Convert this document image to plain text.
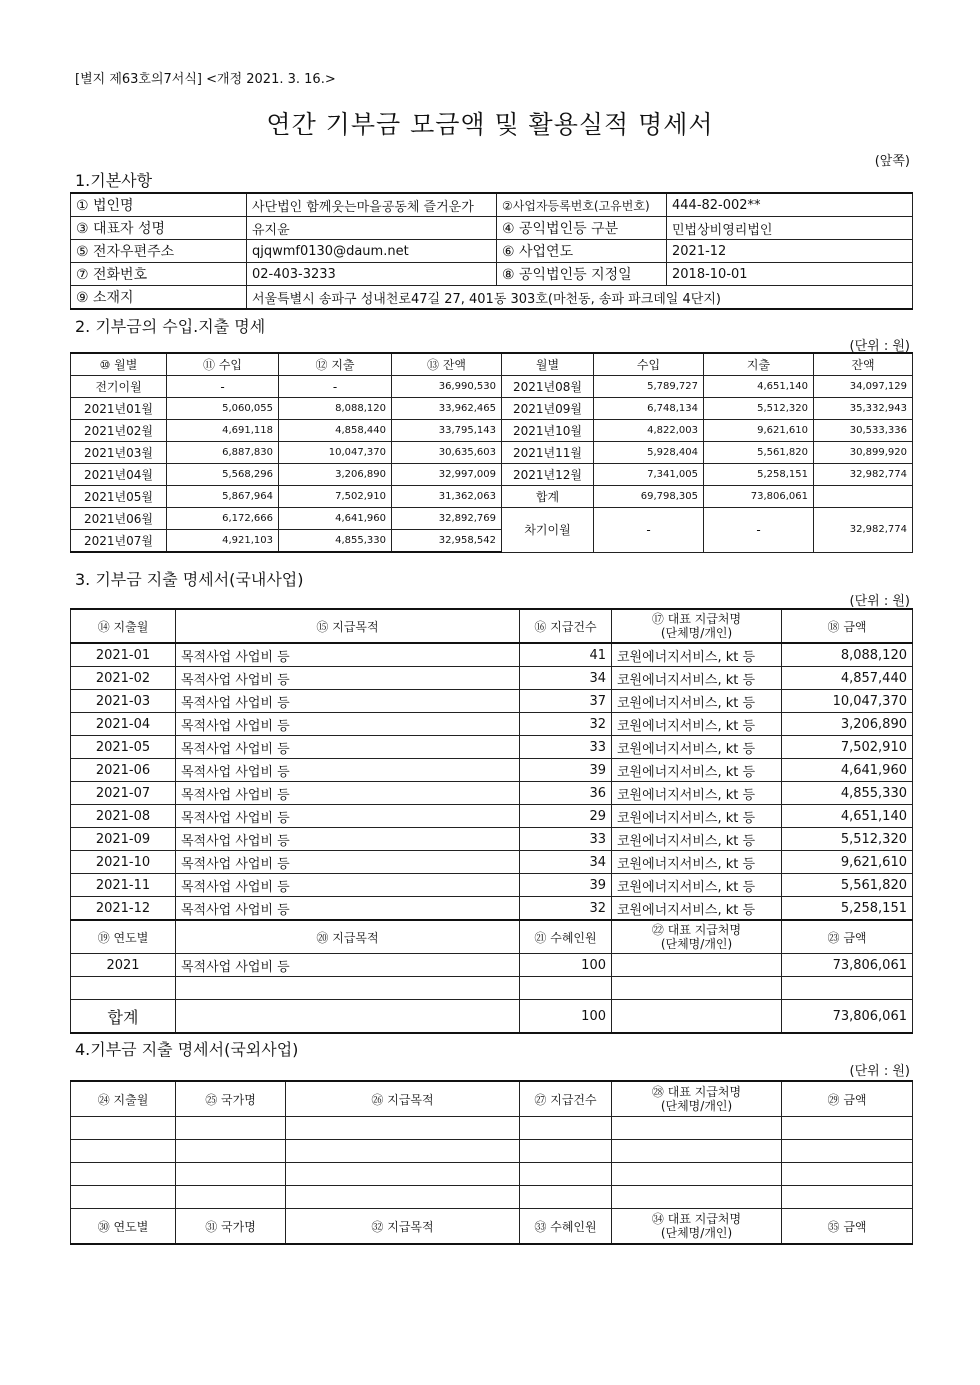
[별지 제63호의7서식] <개정 2021. 3. 16.>
연간 기부금 모금액 및 활용실적 명세서
(앞쪽)
1.기본사항
① 법인명	사단법인 함께웃는마을공동체 즐거운가	②사업자등록번호(고유번호)	444-82-002**
③ 대표자 성명	유지윤	④ 공익법인등 구분	민법상비영리법인
⑤ 전자우편주소	qjqwmf0130@daum.net	⑥ 사업연도	2021-12
⑦ 전화번호	02-403-3233	⑧ 공익법인등 지정일	2018-10-01
⑨ 소재지	서울특별시 송파구 성내천로47길 27, 401동 303호(마천동, 송파 파크데일 4단지)		
2. 기부금의 수입.지출 명세
(단위 : 원)
⑩ 월별	⑪ 수입	⑫ 지출	⑬ 잔액	월별	수입	지출	잔액
전기이월	-	-	36,990,530	2021년08월	5,789,727	4,651,140	34,097,129
2021년01월	5,060,055	8,088,120	33,962,465	2021년09월	6,748,134	5,512,320	35,332,943
2021년02월	4,691,118	4,858,440	33,795,143	2021년10월	4,822,003	9,621,610	30,533,336
2021년03월	6,887,830	10,047,370	30,635,603	2021년11월	5,928,404	5,561,820	30,899,920
2021년04월	5,568,296	3,206,890	32,997,009	2021년12월	7,341,005	5,258,151	32,982,774
2021년05월	5,867,964	7,502,910	31,362,063	합계	69,798,305	73,806,061	
2021년06월	6,172,666	4,641,960	32,892,769	차기이월	-	-	32,982,774
2021년07월	4,921,103	4,855,330	32,958,542				
3. 기부금 지출 명세서(국내사업)
(단위 : 원)
⑭ 지출월	⑮ 지급목적	⑯ 지급건수	⑰ 대표 지급처명
(단체명/개인)	⑱ 금액
2021-01	목적사업 사업비 등	41	코원에너지서비스, kt 등	8,088,120
2021-02	목적사업 사업비 등	34	코원에너지서비스, kt 등	4,857,440
2021-03	목적사업 사업비 등	37	코원에너지서비스, kt 등	10,047,370
2021-04	목적사업 사업비 등	32	코원에너지서비스, kt 등	3,206,890
2021-05	목적사업 사업비 등	33	코원에너지서비스, kt 등	7,502,910
2021-06	목적사업 사업비 등	39	코원에너지서비스, kt 등	4,641,960
2021-07	목적사업 사업비 등	36	코원에너지서비스, kt 등	4,855,330
2021-08	목적사업 사업비 등	29	코원에너지서비스, kt 등	4,651,140
2021-09	목적사업 사업비 등	33	코원에너지서비스, kt 등	5,512,320
2021-10	목적사업 사업비 등	34	코원에너지서비스, kt 등	9,621,610
2021-11	목적사업 사업비 등	39	코원에너지서비스, kt 등	5,561,820
2021-12	목적사업 사업비 등	32	코원에너지서비스, kt 등	5,258,151
⑲ 연도별	⑳ 지급목적	㉑ 수혜인원	㉒ 대표 지급처명
(단체명/개인)	㉓ 금액
2021	목적사업 사업비 등	100		73,806,061

합계		100		73,806,061
4.기부금 지출 명세서(국외사업)
(단위 : 원)
㉔ 지출월	㉕ 국가명	㉖ 지급목적	㉗ 지급건수	㉘ 대표 지급처명
(단체명/개인)	㉙ 금액

㉚ 연도별	㉛ 국가명	㉜ 지급목적	㉝ 수혜인원	㉞ 대표 지급처명
(단체명/개인)	㉟ 금액
